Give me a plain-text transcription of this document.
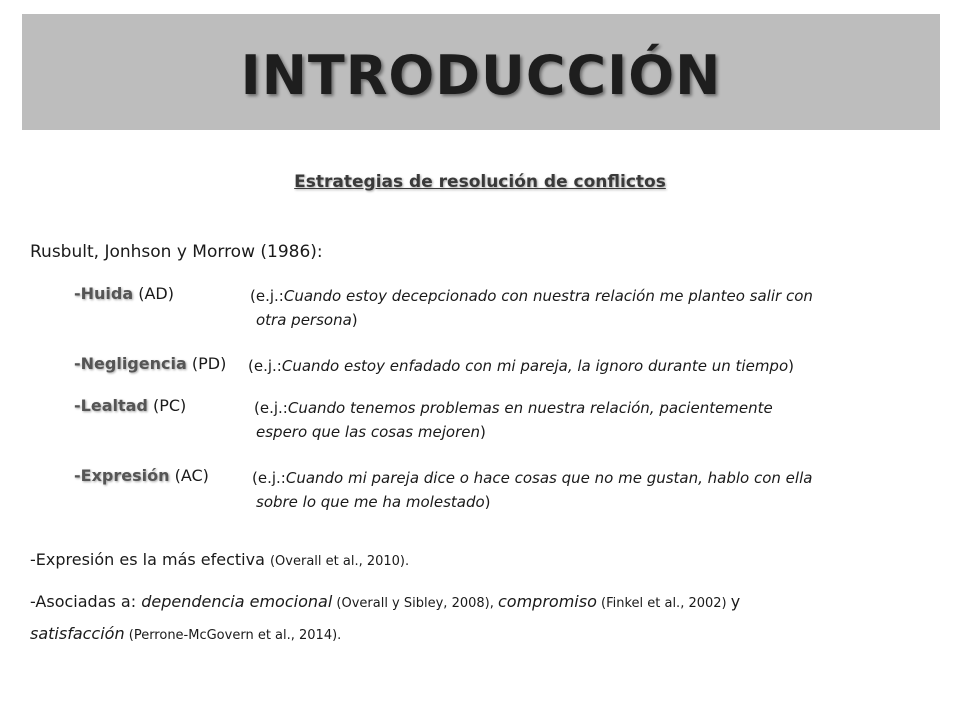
INTRODUCCIÓN
Estrategias de resolución de conflictos
Rusbult, Jonhson y Morrow (1986):
-Huida (AD)	(e.j.:Cuando estoy decepcionado con nuestra relación me planteo salir con
otra persona)
-Negligencia (PD) (e.j.:Cuando estoy enfadado con mi pareja, la ignoro durante un tiempo)
-Lealtad (PC)	(e.j.:Cuando tenemos problemas en nuestra relación, pacientemente
espero que las cosas mejoren)
-Expresión (AC)	(e.j.:Cuando mi pareja dice o hace cosas que no me gustan, hablo con ella
sobre lo que me ha molestado)
-Expresión es la más efectiva (Overall et al., 2010).
-Asociadas a: dependencia emocional (Overall y Sibley, 2008), compromiso (Finkel et al., 2002) y
satisfacción (Perrone-McGovern et al., 2014).
